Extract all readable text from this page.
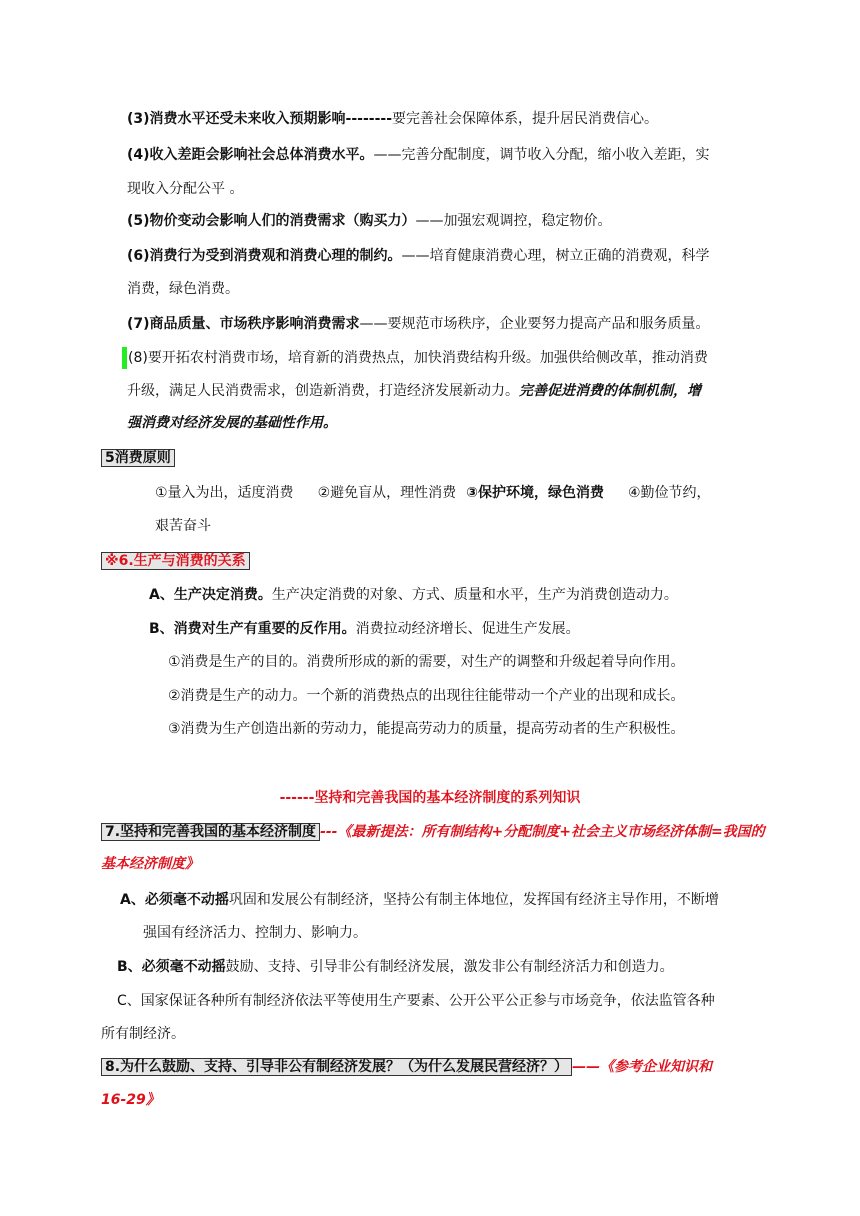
(3)消费水平还受未来收入预期影响--------要完善社会保障体系，提升居民消费信心。
(4)收入差距会影响社会总体消费水平。——完善分配制度，调节收入分配，缩小收入差距，实
现收入分配公平 。
(5)物价变动会影响人们的消费需求（购买力）——加强宏观调控，稳定物价。
(6)消费行为受到消费观和消费心理的制约。——培育健康消费心理，树立正确的消费观，科学
消费，绿色消费。
(7)商品质量、市场秩序影响消费需求——要规范市场秩序，企业要努力提高产品和服务质量。
(8)要开拓农村消费市场，培育新的消费热点，加快消费结构升级。加强供给侧改革，推动消费
升级，满足人民消费需求，创造新消费，打造经济发展新动力。完善促进消费的体制机制，增
强消费对经济发展的基础性作用。
5消费原则
①量入为出，适度消费 ②避免盲从，理性消费 ③保护环境，绿色消费 ④勤俭节约，
艰苦奋斗
※6.生产与消费的关系
A、生产决定消费。生产决定消费的对象、方式、质量和水平，生产为消费创造动力。
B、消费对生产有重要的反作用。消费拉动经济增长、促进生产发展。
①消费是生产的目的。消费所形成的新的需要，对生产的调整和升级起着导向作用。
②消费是生产的动力。一个新的消费热点的出现往往能带动一个产业的出现和成长。
③消费为生产创造出新的劳动力，能提高劳动力的质量，提高劳动者的生产积极性。
------坚持和完善我国的基本经济制度的系列知识
7.坚持和完善我国的基本经济制度 ---《最新提法：所有制结构+分配制度+社会主义市场经济体制=我国的
基本经济制度》
A、必须毫不动摇巩固和发展公有制经济，坚持公有制主体地位，发挥国有经济主导作用，不断增
强国有经济活力、控制力、影响力。
B、必须毫不动摇鼓励、支持、引导非公有制经济发展，激发非公有制经济活力和创造力。
C、国家保证各种所有制经济依法平等使用生产要素、公开公平公正参与市场竞争，依法监管各种
所有制经济。
8.为什么鼓励、支持、引导非公有制经济发展？（为什么发展民营经济？） ——《参考企业知识和
16-29》
